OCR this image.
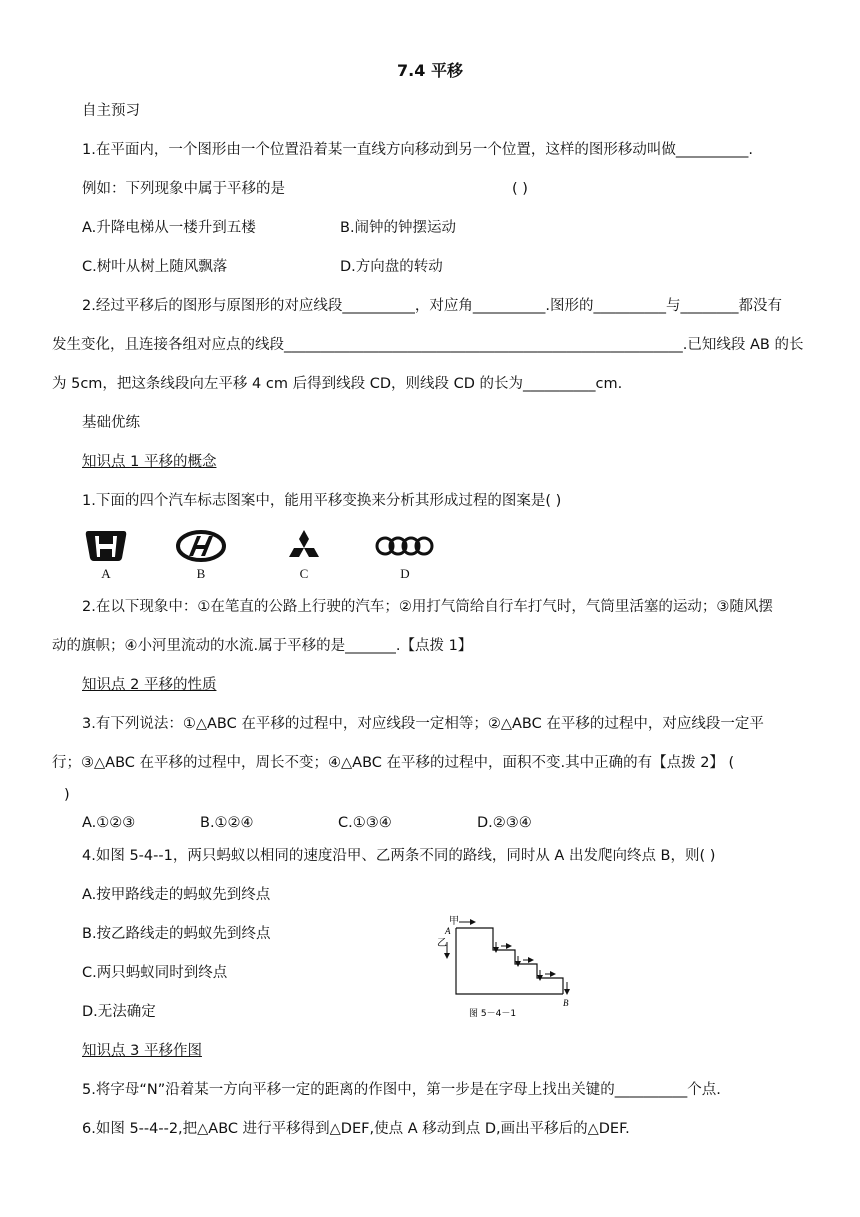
7.4 平移
自主预习
1.在平面内，一个图形由一个位置沿着某一直线方向移动到另一个位置，这样的图形移动叫做__________.
例如：下列现象中属于平移的是	( )
A.升降电梯从一楼升到五楼	B.闹钟的钟摆运动
C.树叶从树上随风飘落	D.方向盘的转动
2.经过平移后的图形与原图形的对应线段__________，对应角__________.图形的__________与________都没有
发生变化，且连接各组对应点的线段_______________________________________________________.已知线段 AB 的长
为 5cm，把这条线段向左平移 4 cm 后得到线段 CD，则线段 CD 的长为__________cm.
基础优练
知识点 1 平移的概念
1.下面的四个汽车标志图案中，能用平移变换来分析其形成过程的图案是( )
A	B	C	D
2.在以下现象中：①在笔直的公路上行驶的汽车；②用打气筒给自行车打气时，气筒里活塞的运动；③随风摆
动的旗帜；④小河里流动的水流.属于平移的是_______.【点拨 1】
知识点 2 平移的性质
3.有下列说法：①△ABC 在平移的过程中，对应线段一定相等；②△ABC 在平移的过程中，对应线段一定平
行；③△ABC 在平移的过程中，周长不变；④△ABC 在平移的过程中，面积不变.其中正确的有【点拨 2】 (
)
A.①②③	B.①②④	C.①③④	D.②③④
4.如图 5-4--1，两只蚂蚁以相同的速度沿甲、乙两条不同的路线，同时从 A 出发爬向终点 B，则( )
A.按甲路线走的蚂蚁先到终点
B.按乙路线走的蚂蚁先到终点
C.两只蚂蚁同时到终点
D.无法确定
甲
乙
A
B
图 5－4－1
知识点 3 平移作图
5.将字母“N”沿着某一方向平移一定的距离的作图中，第一步是在字母上找出关键的__________个点.
6.如图 5--4--2,把△ABC 进行平移得到△DEF,使点 A 移动到点 D,画出平移后的△DEF.
